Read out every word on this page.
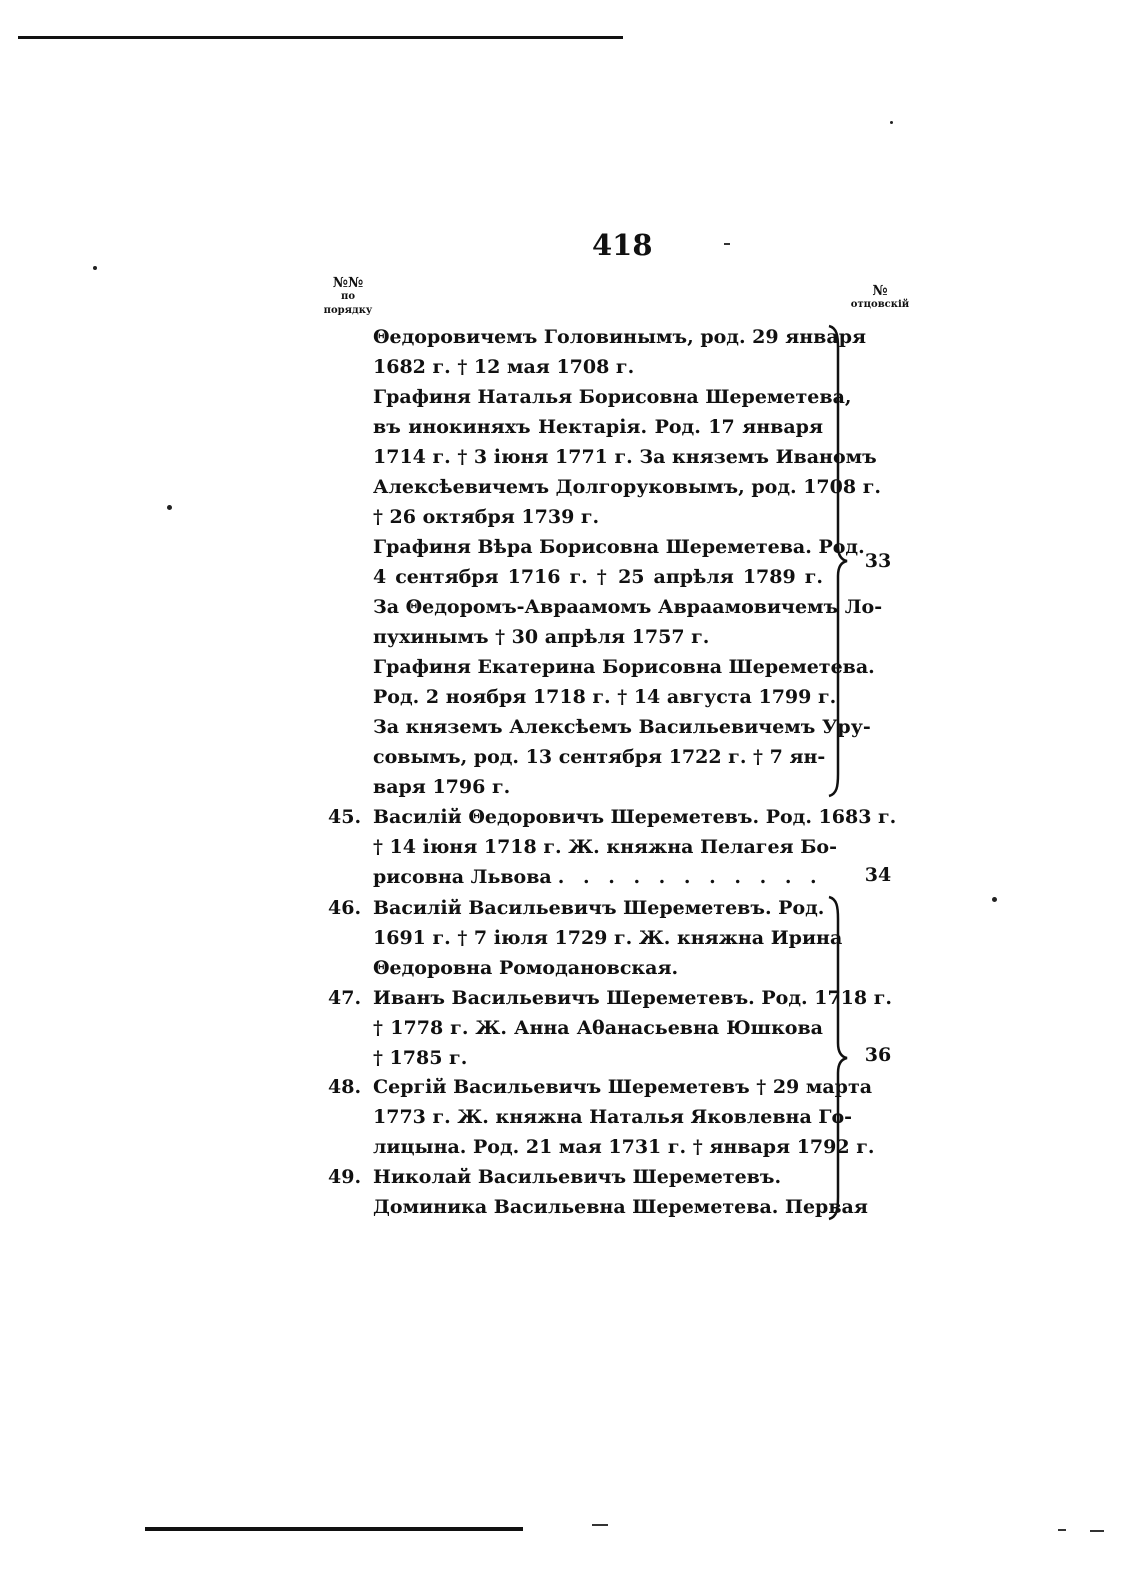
418
№№
по
порядку
№
отцовскій
Θедоровичемъ Головинымъ, род. 29 января
1682 г. † 12 мая 1708 г.
Графиня Наталья Борисовна Шереметева,
въ инокиняхъ Нектарія. Род. 17 января
1714 г. † 3 іюня 1771 г. За княземъ Иваномъ
Алексѣевичемъ Долгоруковымъ, род. 1708 г.
† 26 октября 1739 г.
Графиня Вѣра Борисовна Шереметева. Род.
4 сентября 1716 г. † 25 апрѣля 1789 г.
За Θедоромъ-Авраамомъ Авраамовичемъ Ло-
пухинымъ † 30 апрѣля 1757 г.
Графиня Екатерина Борисовна Шереметева.
Род. 2 ноября 1718 г. † 14 августа 1799 г.
За княземъ Алексѣемъ Васильевичемъ Уру-
совымъ, род. 13 сентября 1722 г. † 7 ян-
варя 1796 г.
45. Василій Θедоровичъ Шереметевъ. Род. 1683 г.
† 14 іюня 1718 г. Ж. княжна Пелагея Бо-
рисовна Львова
. . .
46. Василій Васильевичъ Шереметевъ. Род.
1691 г. † 7 іюля 1729 г. Ж. княжна Ирина
Θедоровна Ромодановская.
47. Иванъ Васильевичъ Шереметевъ. Род. 1718 г.
† 1778 г. Ж. Анна Аθанасьевна Юшкова
† 1785 г.
48. Сергій Васильевичъ Шереметевъ † 29 марта
1773 г. Ж. княжна Наталья Яковлевна Го-
лицына. Род. 21 мая 1731 г. † января 1792 г.
49. Николай Васильевичъ Шереметевъ.
Доминика Васильевна Шереметева. Первая
33
34
36
